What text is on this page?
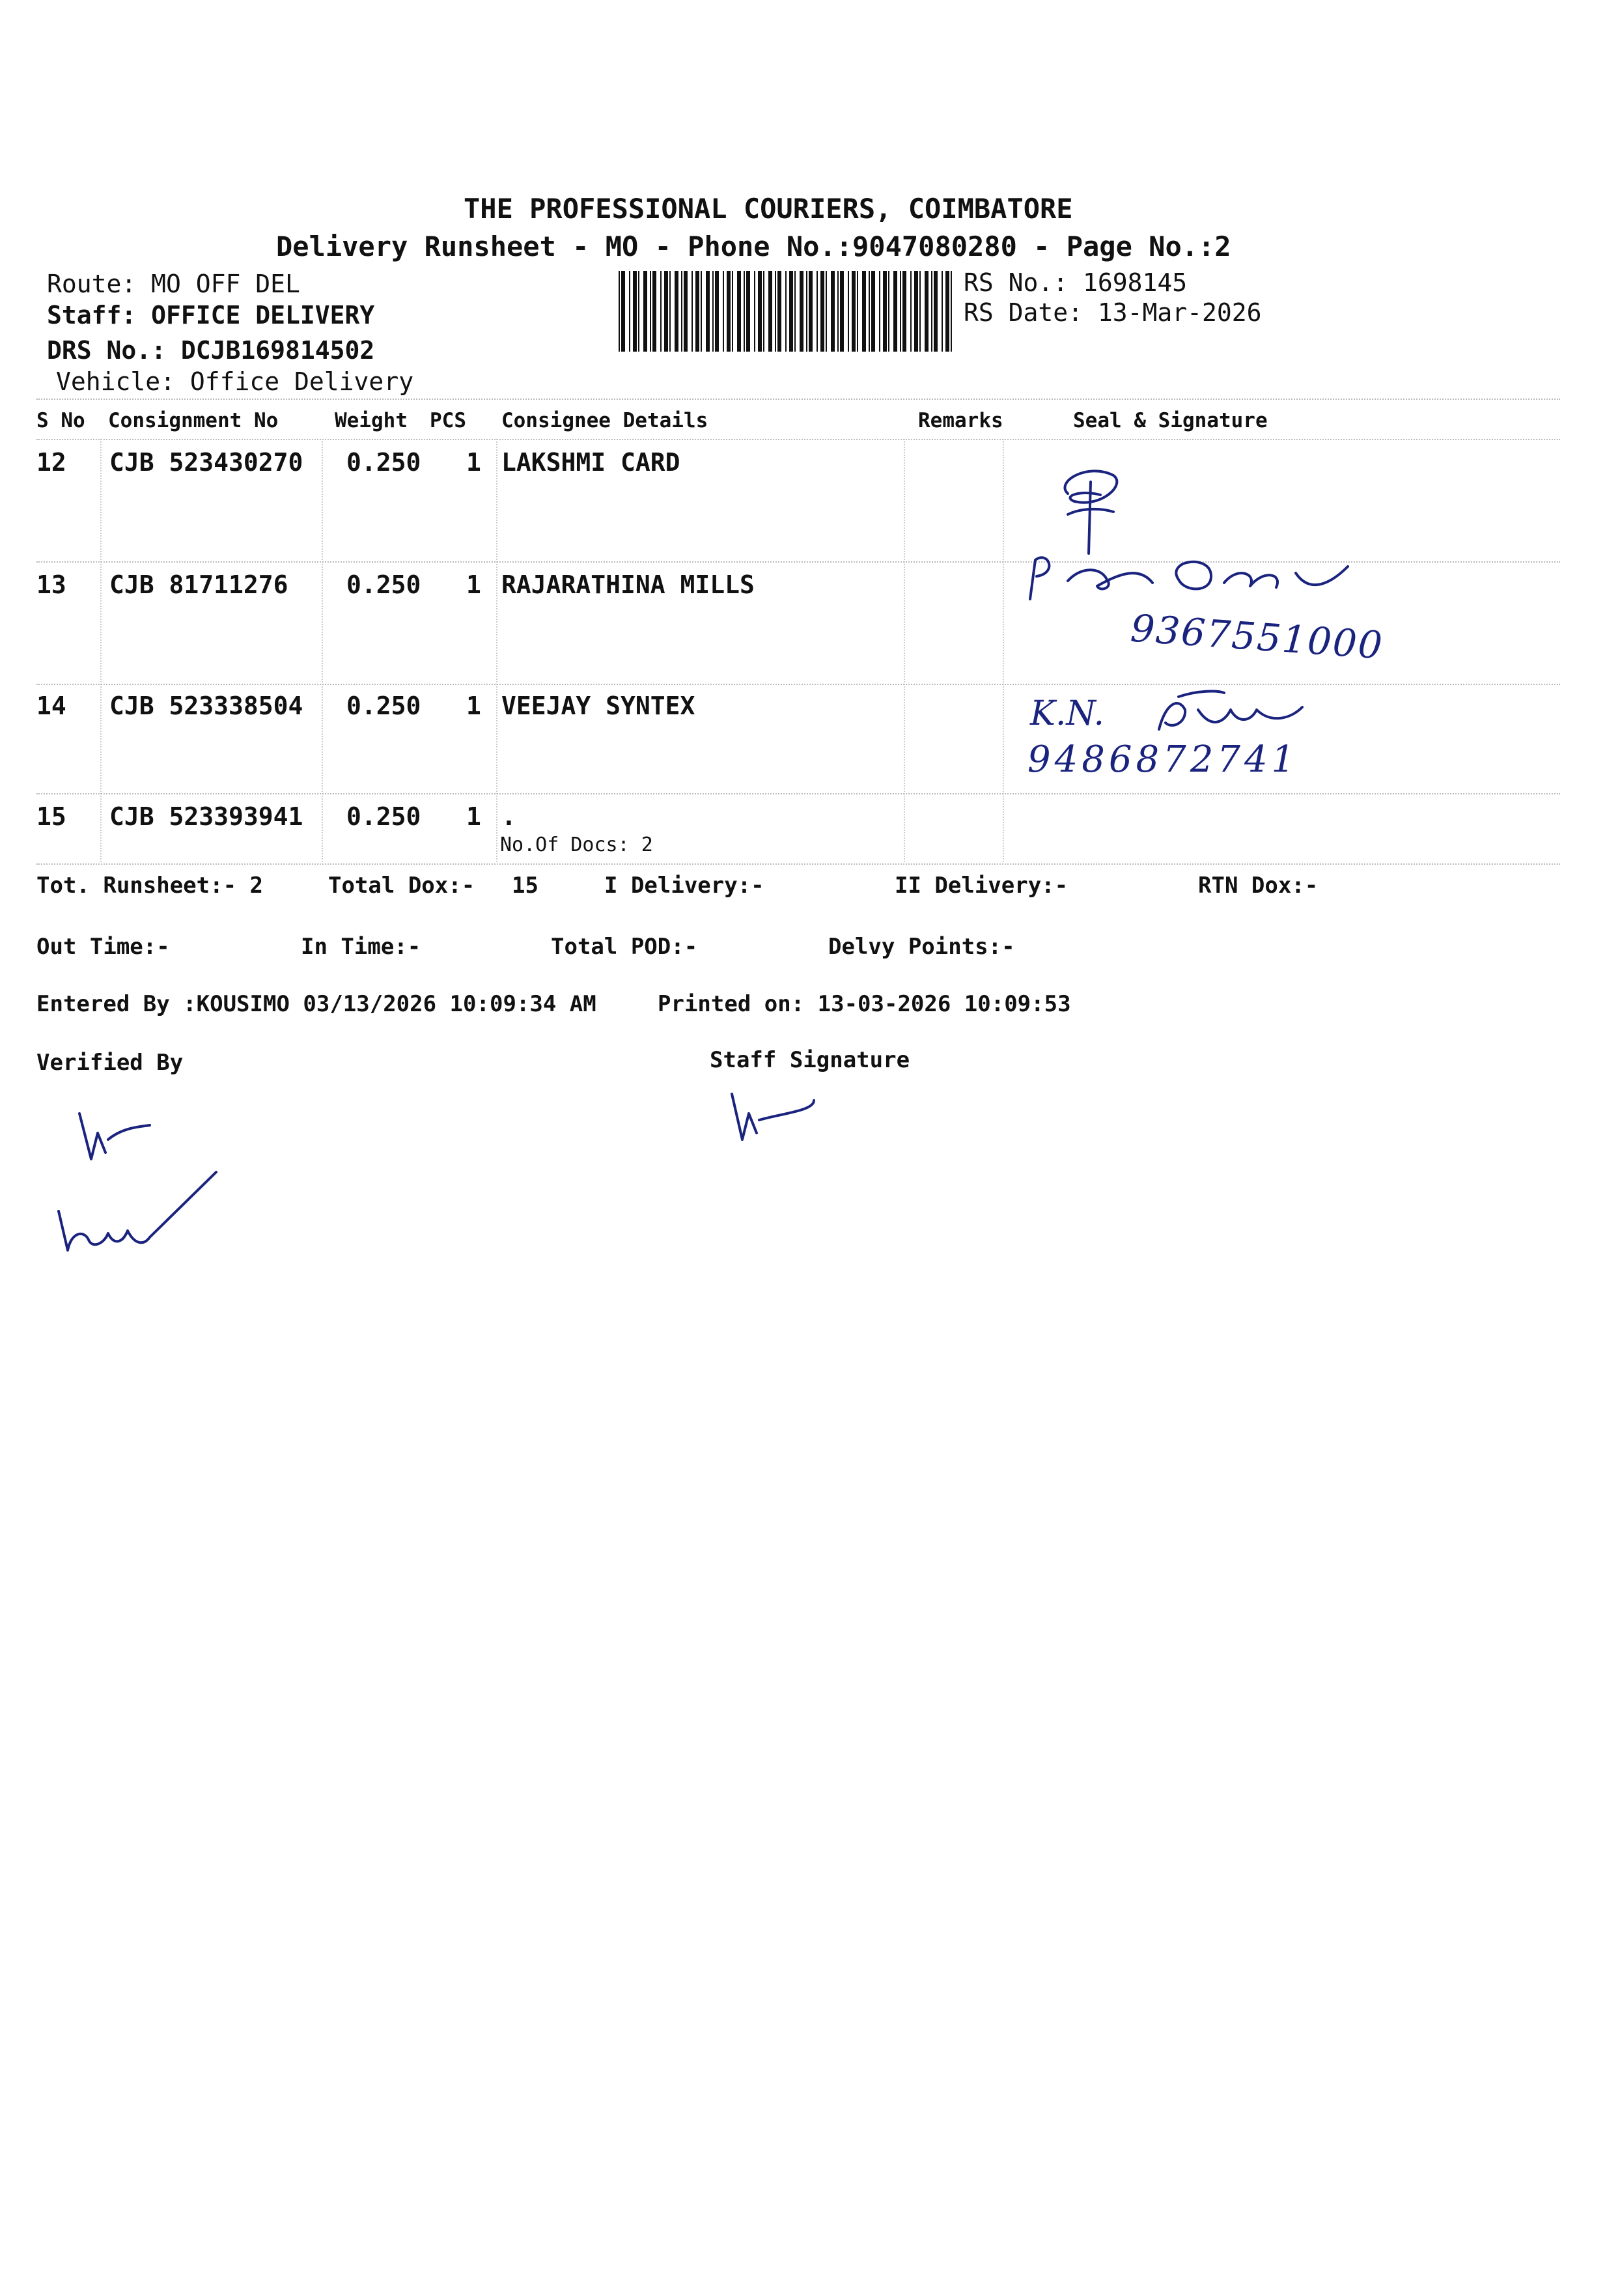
THE PROFESSIONAL COURIERS, COIMBATORE
Delivery Runsheet - MO - Phone No.:9047080280 - Page No.:2
Route: MO OFF DEL
Staff: OFFICE DELIVERY
DRS No.: DCJB169814502
Vehicle: Office Delivery
RS No.: 1698145
RS Date: 13-Mar-2026
S No Consignment No	Weight PCS Consignee Details	Remarks	Seal & Signature
12 CJB 523430270 0.250 1 LAKSHMI CARD
13 CJB 81711276 0.250 1 RAJARATHINA MILLS
14 CJB 523338504 0.250 1 VEEJAY SYNTEX
15 CJB 523393941 0.250 1 .
No.Of Docs: 2
Tot. Runsheet:- 2	Total Dox:- 15	I Delivery:-	II Delivery:-	RTN Dox:-
Out Time:-	In Time:-	Total POD:-	Delvy Points:-
Entered By :KOUSIMO 03/13/2026 10:09:34 AM	Printed on: 13-03-2026 10:09:53
Verified By	Staff Signature
9367551000
K.N.
9486872741
